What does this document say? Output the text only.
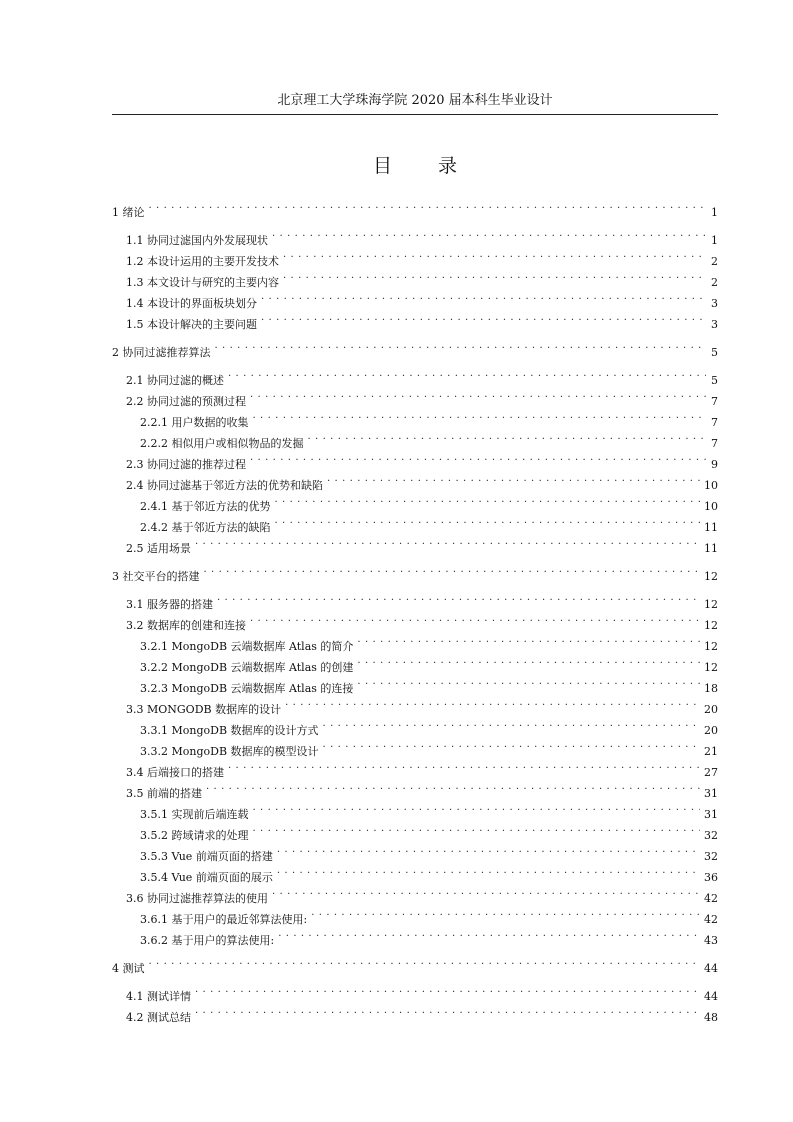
北京理工大学珠海学院 2020 届本科生毕业设计
目 录
1 绪论 . . .	1
1.1 协同过滤国内外发展现状 . . .	1
1.2 本设计运用的主要开发技术 . . .	2
1.3 本文设计与研究的主要内容 . . .	2
1.4 本设计的界面板块划分 . . .	3
1.5 本设计解决的主要问题 . . .	3
2 协同过滤推荐算法 . . .	5
2.1 协同过滤的概述 . . .	5
2.2 协同过滤的预测过程 . . .	7
2.2.1 用户数据的收集 . . .	7
2.2.2 相似用户或相似物品的发掘 . . .	7
2.3 协同过滤的推荐过程 . . .	9
2.4 协同过滤基于邻近方法的优势和缺陷 . . .	10
2.4.1 基于邻近方法的优势 . . .	10
2.4.2 基于邻近方法的缺陷 . . .	11
2.5 适用场景 . . .	11
3 社交平台的搭建 . . .	12
3.1 服务器的搭建 . . .	12
3.2 数据库的创建和连接 . . .	12
3.2.1 MongoDB 云端数据库 Atlas 的简介 . . .	12
3.2.2 MongoDB 云端数据库 Atlas 的创建 . . .	12
3.2.3 MongoDB 云端数据库 Atlas 的连接 . . .	18
3.3 MONGODB 数据库的设计 . . .	20
3.3.1 MongoDB 数据库的设计方式 . . .	20
3.3.2 MongoDB 数据库的模型设计 . . .	21
3.4 后端接口的搭建 . . .	27
3.5 前端的搭建 . . .	31
3.5.1 实现前后端连载 . . .	31
3.5.2 跨域请求的处理 . . .	32
3.5.3 Vue 前端页面的搭建 . . .	32
3.5.4 Vue 前端页面的展示 . . .	36
3.6 协同过滤推荐算法的使用 . . .	42
3.6.1 基于用户的最近邻算法使用: . . .	42
3.6.2 基于用户的算法使用: . . .	43
4 测试 . . .	44
4.1 测试详情 . . .	44
4.2 测试总结 . . .	48
